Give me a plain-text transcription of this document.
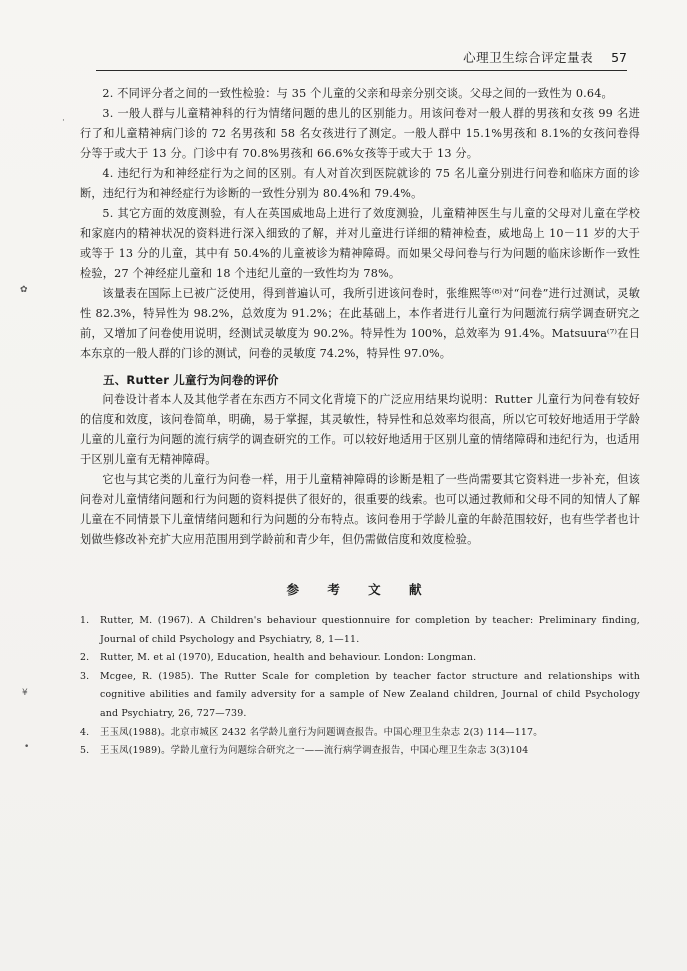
心理卫生综合评定量表 57
·
✿
¥
•

2. 不同评分者之间的一致性检验：与 35 个儿童的父亲和母亲分别交谈。父母之间的一致性为 0.64。

3. 一般人群与儿童精神科的行为情绪问题的患儿的区别能力。用该问卷对一般人群的男孩和女孩 99 名进行了和儿童精神病门诊的 72 名男孩和 58 名女孩进行了测定。一般人群中 15.1%男孩和 8.1%的女孩问卷得分等于或大于 13 分。门诊中有 70.8%男孩和 66.6%女孩等于或大于 13 分。

4. 违纪行为和神经症行为之间的区别。有人对首次到医院就诊的 75 名儿童分别进行问卷和临床方面的诊断，违纪行为和神经症行为诊断的一致性分别为 80.4%和 79.4%。

5. 其它方面的效度测验，有人在英国威地岛上进行了效度测验，儿童精神医生与儿童的父母对儿童在学校和家庭内的精神状况的资料进行深入细致的了解，并对儿童进行详细的精神检查，威地岛上 10－11 岁的大于或等于 13 分的儿童，其中有 50.4%的儿童被诊为精神障碍。而如果父母问卷与行为问题的临床诊断作一致性检验，27 个神经症儿童和 18 个违纪儿童的一致性均为 78%。

该量表在国际上已被广泛使用，得到普遍认可，我所引进该问卷时，张维熙等⁽⁸⁾对“问卷”进行过测试，灵敏性 82.3%，特异性为 98.2%，总效度为 91.2%；在此基础上，本作者进行儿童行为问题流行病学调查研究之前，又增加了问卷使用说明，经测试灵敏度为 90.2%。特异性为 100%，总效率为 91.4%。Matsuura⁽⁷⁾在日本东京的一般人群的门诊的测试，问卷的灵敏度 74.2%，特异性 97.0%。

五、Rutter 儿童行为问卷的评价

问卷设计者本人及其他学者在东西方不同文化背境下的广泛应用结果均说明：Rutter 儿童行为问卷有较好的信度和效度，该问卷简单，明确，易于掌握，其灵敏性，特异性和总效率均很高，所以它可较好地适用于学龄儿童的儿童行为问题的流行病学的调查研究的工作。可以较好地适用于区别儿童的情绪障碍和违纪行为，也适用于区别儿童有无精神障碍。

它也与其它类的儿童行为问卷一样，用于儿童精神障碍的诊断是粗了一些尚需要其它资料进一步补充，但该问卷对儿童情绪问题和行为问题的资料提供了很好的，很重要的线索。也可以通过教师和父母不同的知情人了解儿童在不同情景下儿童情绪问题和行为问题的分布特点。该问卷用于学龄儿童的年龄范围较好，也有些学者也计划做些修改补充扩大应用范围用到学龄前和青少年，但仍需做信度和效度检验。

参 考 文 献
1. Rutter, M. (1967). A Children's behaviour questionnuire for completion by teacher: Preliminary finding, Journal of child Psychology and Psychiatry, 8, 1—11.
2. Rutter, M. et al (1970), Education, health and behaviour. London: Longman.
3. Mcgee, R. (1985). The Rutter Scale for completion by teacher factor structure and relationships with cognitive abilities and family adversity for a sample of New Zealand children, Journal of child Psychology and Psychiatry, 26, 727—739.
4. 王玉凤(1988)。北京市城区 2432 名学龄儿童行为问题调查报告。中国心理卫生杂志 2(3) 114—117。
5. 王玉凤(1989)。学龄儿童行为问题综合研究之一——流行病学调查报告，中国心理卫生杂志 3(3)104
